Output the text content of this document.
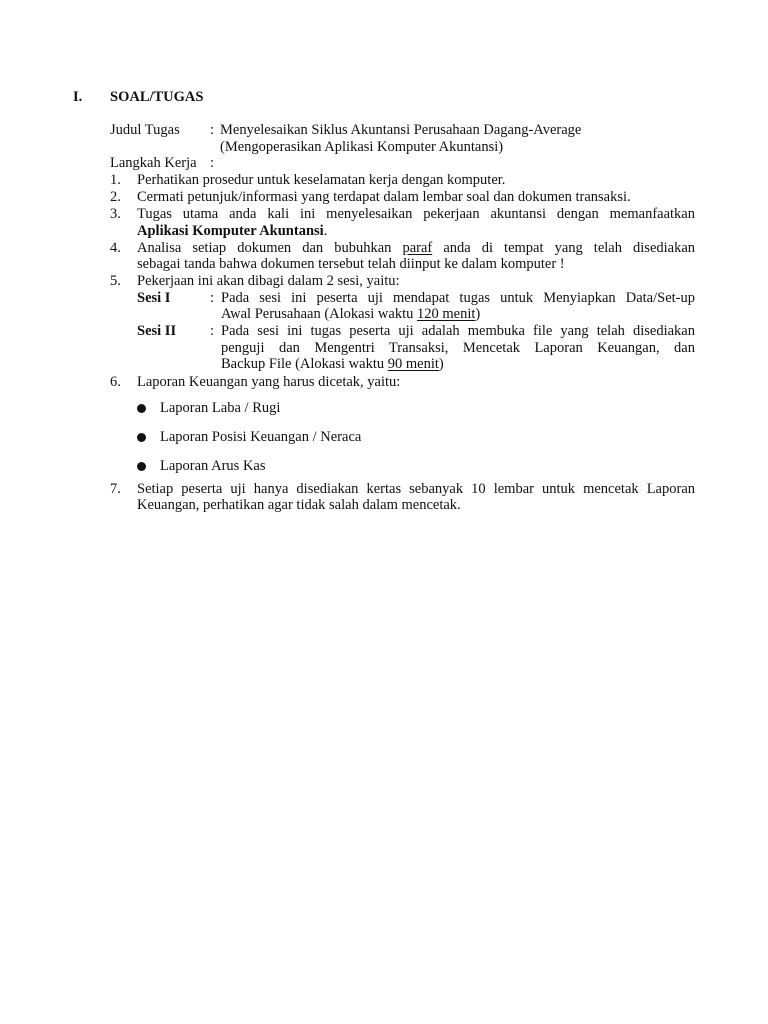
I. SOAL/TUGAS
Judul Tugas : Menyelesaikan Siklus Akuntansi Perusahaan Dagang-Average
(Mengoperasikan Aplikasi Komputer Akuntansi)
Langkah Kerja :
1. Perhatikan prosedur untuk keselamatan kerja dengan komputer.
2. Cermati petunjuk/informasi yang terdapat dalam lembar soal dan dokumen transaksi.
3. Tugas utama anda kali ini menyelesaikan pekerjaan akuntansi dengan memanfaatkan
Aplikasi Komputer Akuntansi.
4. Analisa setiap dokumen dan bubuhkan paraf anda di tempat yang telah disediakan
sebagai tanda bahwa dokumen tersebut telah diinput ke dalam komputer !
5. Pekerjaan ini akan dibagi dalam 2 sesi, yaitu:
Sesi I	: Pada sesi ini peserta uji mendapat tugas untuk Menyiapkan Data/Set-up
Awal Perusahaan (Alokasi waktu 120 menit)
Sesi II : Pada sesi ini tugas peserta uji adalah membuka file yang telah disediakan
penguji dan Mengentri Transaksi, Mencetak Laporan Keuangan, dan
Backup File (Alokasi waktu 90 menit)
6. Laporan Keuangan yang harus dicetak, yaitu:
Laporan Laba / Rugi
Laporan Posisi Keuangan / Neraca
Laporan Arus Kas
7. Setiap peserta uji hanya disediakan kertas sebanyak 10 lembar untuk mencetak Laporan
Keuangan, perhatikan agar tidak salah dalam mencetak.
